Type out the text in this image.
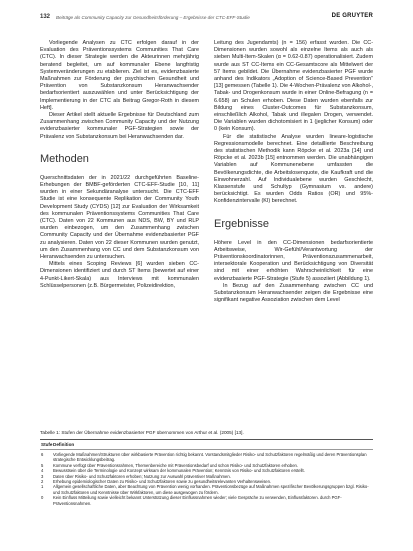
132 Beiträge als Community Capacity zur Gesundheitsförderung – Ergebnisse der CTC-EFF-Studie	DE GRUYTER

Vorliegende Analysen zu CTC erfolgen darauf in der Evaluation des Präventionssystems Communities That Care (CTC). In dieser Strategie werden die Akteurinnen mehrjährig beratend begleitet, um auf kommunaler Ebene langfristig Systemveränderungen zu etablieren. Ziel ist es, evidenzbasierte Maßnahmen zur Förderung der psychischen Gesundheit und Prävention von Substanzkonsum Heranwachsender bedarfsorientiert auszuwählen und unter Berücksichtigung der Implementierung in der CTC als Beitrag Gregor-Roth in diesem Heft].

Dieser Artikel stellt aktuelle Ergebnisse für Deutschland zum Zusammenhang zwischen Community Capacity und der Nutzung evidenzbasierter kommunaler PGF-Strategien sowie der Prävalenz von Substanzkonsum bei Heranwachsenden dar.

Methoden

Querschnittsdaten der in 2021/22 durchgeführten Baseline-Erhebungen der BMBF-geförderten CTC-EFF-Studie [10, 11] wurden in einer Sekundäranalyse untersucht. Die CTC-EFF Studie ist eine konsequente Replikation der Community Youth Development Study (CYDS) [12] zur Evaluation der Wirksamkeit des kommunalen Präventionssystems Communities That Care (CTC). Daten von 22 Kommunen aus NDS, BW, BY und RLP wurden einbezogen, um den Zusammenhang zwischen Community Capacity und der Übernahme evidenzbasierter PGF zu analysieren. Daten von 22 dieser Kommunen wurden genutzt, um den Zusammenhang von CC und dem Substanzkonsum von Heranwachsenden zu untersuchen.

Mittels eines Scoping Reviews [6] wurden sieben CC-Dimensionen identifiziert und durch ST Items (bewertet auf einer 4-Punkt-Likert-Skala) aus Interviews mit kommunalen Schlüsselpersonen (z.B. Bürgermeister, Polizeidirektion,

Leitung des Jugendamts) (n = 156) erfasst wurden. Die CC-Dimensionen wurden sowohl als einzelne Items als auch als sieben Multi-Item-Skalen (α = 0.62-0.87) operationalisiert. Zudem wurde aus ST CC-Items ein CC-Gesamtscore als Mittelwert der 57 Items gebildet. Die Übernahme evidenzbasierter PGF wurde anhand des Indikators „Adoption of Science-Based Prevention“ [13] gemessen (Tabelle 1). Die 4-Wochen-Prävalenz von Alkohol-, Tabak- und Drogenkonsum wurde in einer Online-Befragung (n = 6.658) an Schulen erhoben. Diese Daten wurden ebenfalls zur Bildung eines Cluster-Outcomes für Substanzkonsum, einschließlich Alkohol, Tabak und illegalen Drogen, verwendet. Die Variablen wurden dichotomisiert in 1 (jeglicher Konsum) oder 0 (kein Konsum).

Für die statistische Analyse wurden lineare-logistische Regressionsmodelle berechnet. Eine detaillierte Beschreibung des statistischen Methodik kann Röpcke et al. 2023a [14] und Röpcke et al. 2023b [15] entnommen werden. Die unabhängigen Variablen auf Kommunenebene umfassten die Bevölkerungsdichte, die Arbeitslosenquote, die Kaufkraft und die Einwohnerzahl. Auf Individualebene wurden Geschlecht, Klassenstufe und Schultyp (Gymnasium vs. andere) berücksichtigt. Es wurden Odds Ratios (OR) und 95%-Konfidenzintervalle (KI) berechnet.

Ergebnisse

Höhere Level in den CC-Dimensionen bedarfsorientierte Arbeitsweise, Wir-Gefühl/Verantwortung der Präventionskoordinatorinnen, Präventionszusammenarbeit, intersektorale Kooperation und Berücksichtigung von Diversität sind mit einer erhöhten Wahrscheinlichkeit für eine evidenzbasierte PGF-Strategie (Stufe 5) assoziiert (Abbildung 1).

In Bezug auf den Zusammenhang zwischen CC und Substanzkonsum Heranwachsender zeigen die Ergebnisse eine signifikant negative Assoziation zwischen dem Level

Tabelle 1: Stufen der Übernahme evidenzbasierter PGF übernommen von Arthur et al. (2005) [13].
Stufe Definition
6	Vorliegende Maßnahmen/Strukturen über wirkbasierte Prävention richtig bekannt. Vorstandsmitglieder Risiko- und Schutzfaktoren regelmäßig und deren Präventionsplan strategische Entwicklungsbeitrag.
5	Kommune verfügt über Präventionsrahmen, Themenbereiche mit Präventionsbedarf und schon Risiko- und Schutzfaktoren erhoben.
4	Bewusstsein über die Terminologie und Konzept wirksam der kommunalen Prävention; Kenntnis von Risiko- und Schutzfaktoren erstellt.
3	Daten über Risiko- und Schutzfaktoren erhoben; Nutzung zur Auswahl präventiver Maßnahmen.
2	Erhebung epidemiologischer Daten zu Risiko- und Schutzfaktoren sowie zu gesundheitsrelevanten Verhaltensweisen.
1	Allgemein gesellschaftliche Daten, aber Beachtung von Prävention wenig vorhanden. Präventionsbezüge auf Maßnahmen spezifischer Bevölkerungsgruppen bzgl. Risiko- und Schutzfaktoren und Kenntnisse über Wirkfaktoren, um diese ausgewogen zu fördern.
0	Kein Einfluss Mitteilung sowie vielleicht bekannt Unterstützung dieser Einflussnahmen wieder; viele Gespräche zu verwenden, Einflussfaktoren. durch PGF-Präventionsnahmen.
